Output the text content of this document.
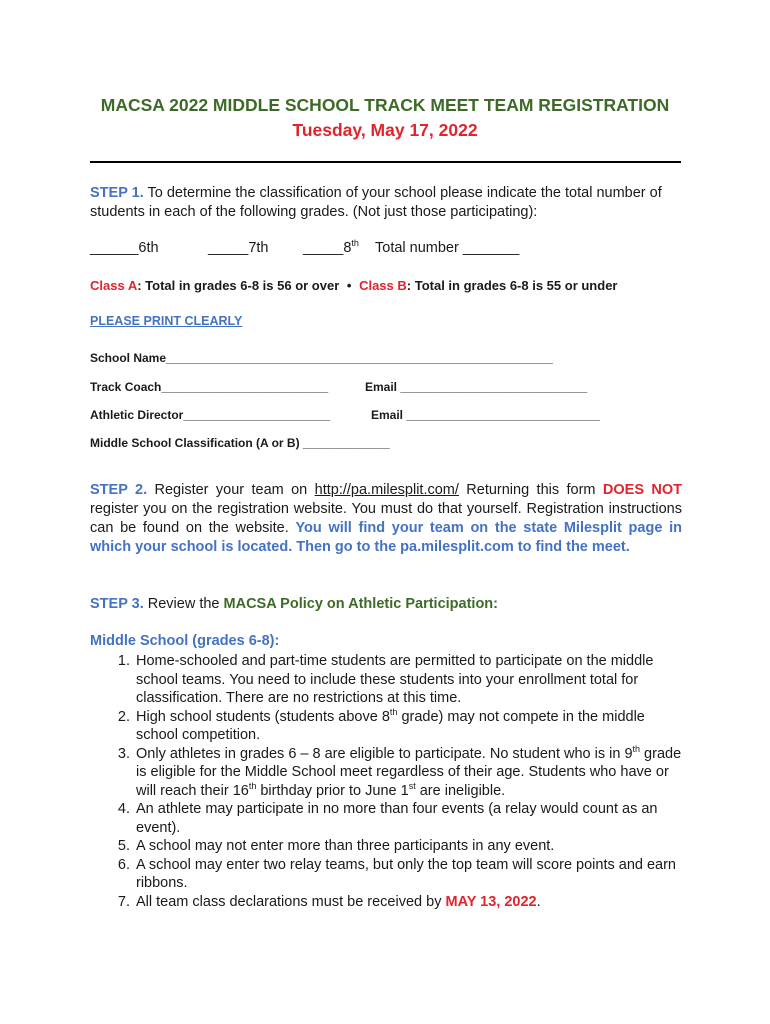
MACSA 2022 MIDDLE SCHOOL TRACK MEET TEAM REGISTRATION
Tuesday, May 17, 2022
STEP 1. To determine the classification of your school please indicate the total number of students in each of the following grades. (Not just those participating):
______6th	_____7th _____8th Total number _______
Class A: Total in grades 6-8 is 56 or over • Class B: Total in grades 6-8 is 55 or under
PLEASE PRINT CLEARLY
School Name__________________________________________________________
Track Coach_________________________	Email ____________________________
Athletic Director______________________	Email _____________________________
Middle School Classification (A or B) _____________
STEP 2. Register your team on http://pa.milesplit.com/ Returning this form DOES NOT register you on the registration website. You must do that yourself. Registration instructions can be found on the website. You will find your team on the state Milesplit page in which your school is located. Then go to the pa.milesplit.com to find the meet.
STEP 3. Review the MACSA Policy on Athletic Participation:
Middle School (grades 6-8):
1. Home-schooled and part-time students are permitted to participate on the middle school teams. You need to include these students into your enrollment total for classification. There are no restrictions at this time.
2. High school students (students above 8th grade) may not compete in the middle school competition.
3. Only athletes in grades 6 – 8 are eligible to participate. No student who is in 9th grade is eligible for the Middle School meet regardless of their age. Students who have or will reach their 16th birthday prior to June 1st are ineligible.
4. An athlete may participate in no more than four events (a relay would count as an event).
5. A school may not enter more than three participants in any event.
6. A school may enter two relay teams, but only the top team will score points and earn ribbons.
7. All team class declarations must be received by MAY 13, 2022.
